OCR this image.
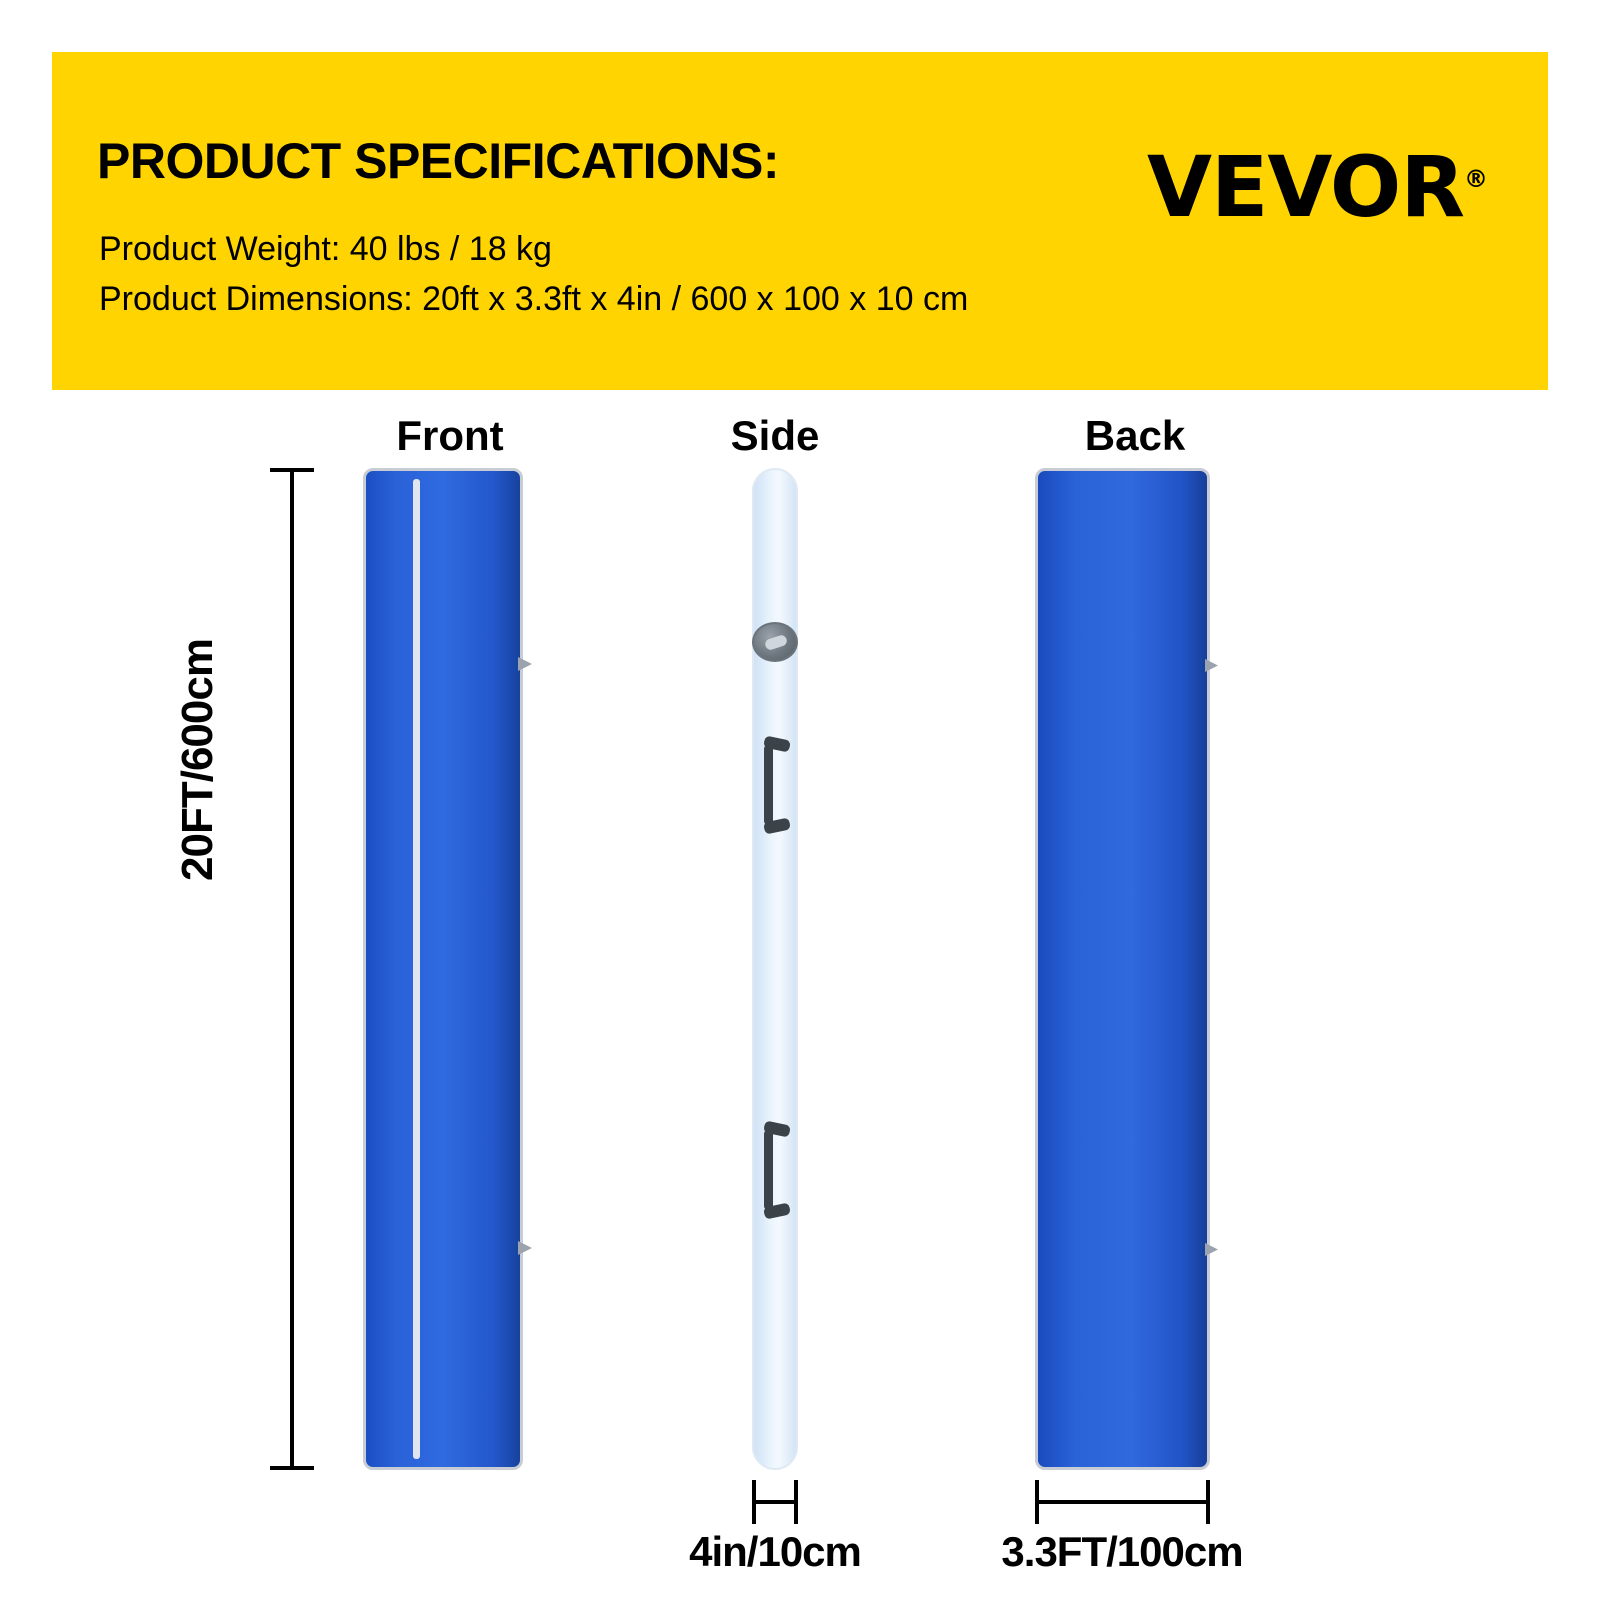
PRODUCT SPECIFICATIONS:
Product Weight: 40 lbs / 18 kg
Product Dimensions: 20ft x 3.3ft x 4in / 600 x 100 x 10 cm
VEVOR®
Front	Side	Back
20FT/600cm
4in/10cm	3.3FT/100cm
